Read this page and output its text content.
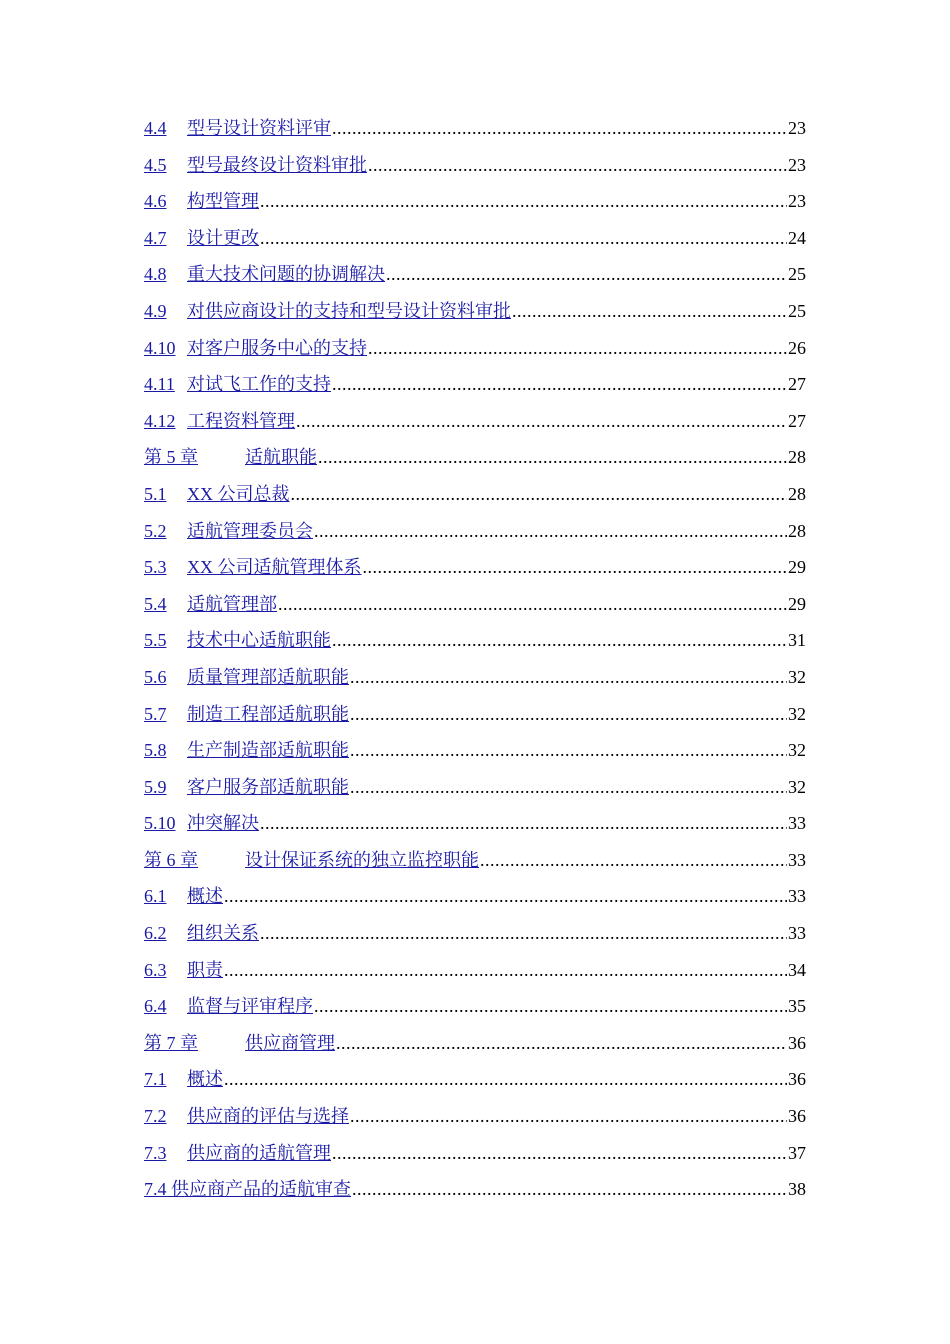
4.4	型号设计资料评审 .....	23
4.5	型号最终设计资料审批 .....	23
4.6	构型管理 .....	23
4.7	设计更改 .....	24
4.8	重大技术问题的协调解决 .....	25
4.9	对供应商设计的支持和型号设计资料审批 .....	25
4.10 对客户服务中心的支持 .....	26
4.11 对试飞工作的支持 .....	27
4.12 工程资料管理 .....	27
第 5 章	适航职能 .....	28
5.1	XX 公司总裁 .....	28
5.2	适航管理委员会 .....	28
5.3	XX 公司适航管理体系 .....	29
5.4	适航管理部 .....	29
5.5	技术中心适航职能 .....	31
5.6	质量管理部适航职能 .....	32
5.7	制造工程部适航职能 .....	32
5.8	生产制造部适航职能 .....	32
5.9	客户服务部适航职能 .....	32
5.10 冲突解决 .....	33
第 6 章	设计保证系统的独立监控职能 .....	33
6.1	概述 .....	33
6.2	组织关系 .....	33
6.3	职责 .....	34
6.4	监督与评审程序 .....	35
第 7 章	供应商管理 .....	36
7.1	概述 .....	36
7.2	供应商的评估与选择 .....	36
7.3	供应商的适航管理 .....	37
7.4 供应商产品的适航审查 .....	38
